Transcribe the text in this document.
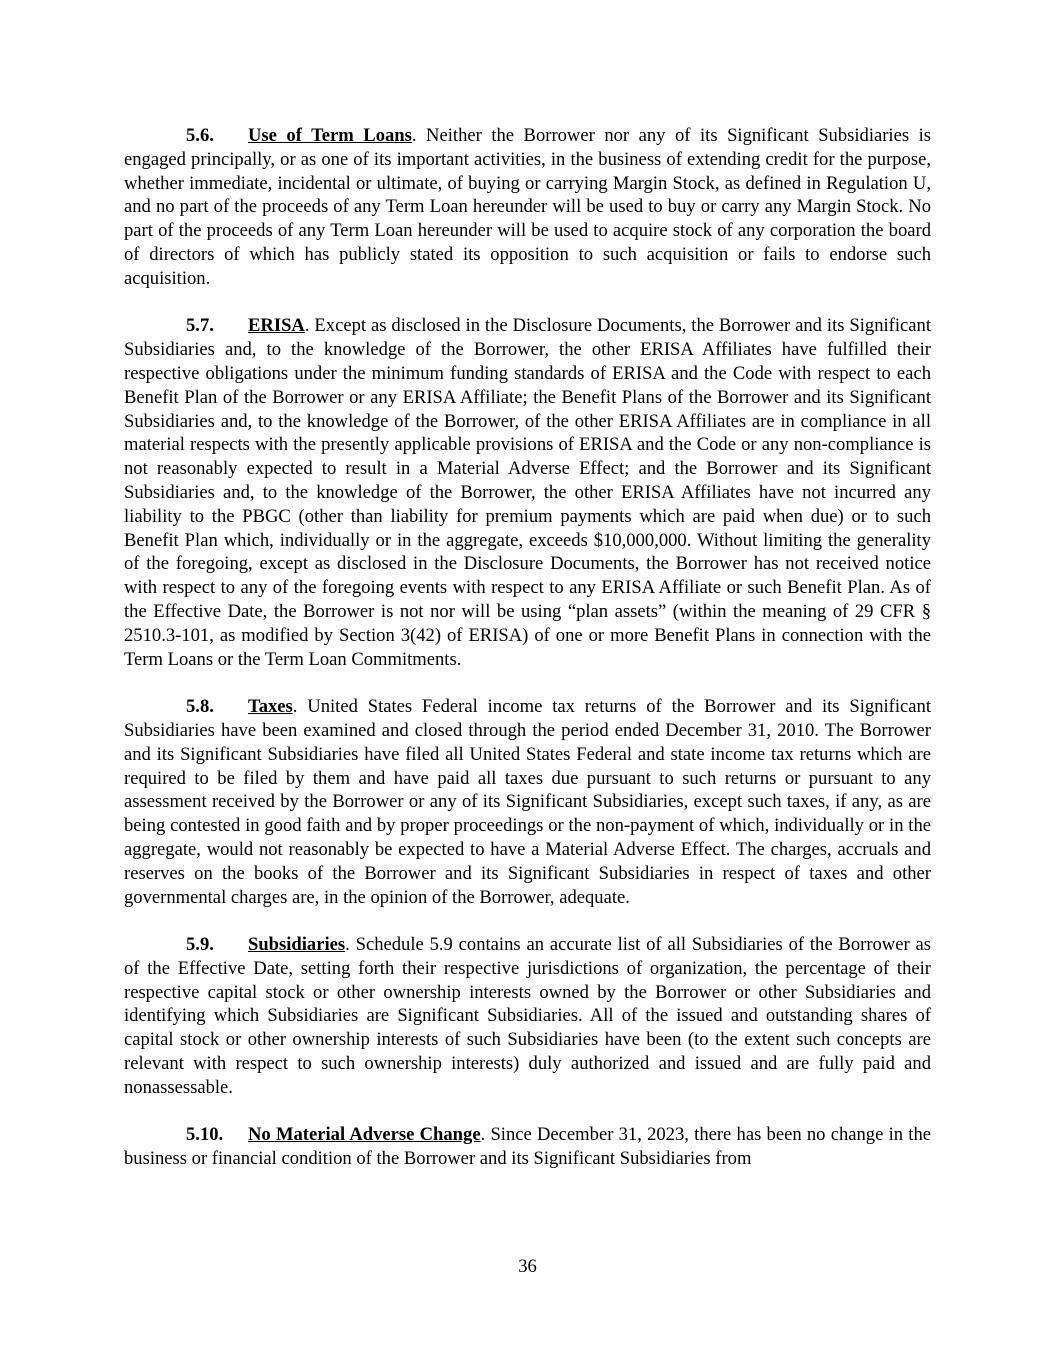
5.6. Use of Term Loans. Neither the Borrower nor any of its Significant Subsidiaries is engaged principally, or as one of its important activities, in the business of extending credit for the purpose, whether immediate, incidental or ultimate, of buying or carrying Margin Stock, as defined in Regulation U, and no part of the proceeds of any Term Loan hereunder will be used to buy or carry any Margin Stock. No part of the proceeds of any Term Loan hereunder will be used to acquire stock of any corporation the board of directors of which has publicly stated its opposition to such acquisition or fails to endorse such acquisition.

5.7. ERISA. Except as disclosed in the Disclosure Documents, the Borrower and its Significant Subsidiaries and, to the knowledge of the Borrower, the other ERISA Affiliates have fulfilled their respective obligations under the minimum funding standards of ERISA and the Code with respect to each Benefit Plan of the Borrower or any ERISA Affiliate; the Benefit Plans of the Borrower and its Significant Subsidiaries and, to the knowledge of the Borrower, of the other ERISA Affiliates are in compliance in all material respects with the presently applicable provisions of ERISA and the Code or any non-compliance is not reasonably expected to result in a Material Adverse Effect; and the Borrower and its Significant Subsidiaries and, to the knowledge of the Borrower, the other ERISA Affiliates have not incurred any liability to the PBGC (other than liability for premium payments which are paid when due) or to such Benefit Plan which, individually or in the aggregate, exceeds $10,000,000. Without limiting the generality of the foregoing, except as disclosed in the Disclosure Documents, the Borrower has not received notice with respect to any of the foregoing events with respect to any ERISA Affiliate or such Benefit Plan. As of the Effective Date, the Borrower is not nor will be using “plan assets” (within the meaning of 29 CFR § 2510.3-101, as modified by Section 3(42) of ERISA) of one or more Benefit Plans in connection with the Term Loans or the Term Loan Commitments.

5.8. Taxes. United States Federal income tax returns of the Borrower and its Significant Subsidiaries have been examined and closed through the period ended December 31, 2010. The Borrower and its Significant Subsidiaries have filed all United States Federal and state income tax returns which are required to be filed by them and have paid all taxes due pursuant to such returns or pursuant to any assessment received by the Borrower or any of its Significant Subsidiaries, except such taxes, if any, as are being contested in good faith and by proper proceedings or the non-payment of which, individually or in the aggregate, would not reasonably be expected to have a Material Adverse Effect. The charges, accruals and reserves on the books of the Borrower and its Significant Subsidiaries in respect of taxes and other governmental charges are, in the opinion of the Borrower, adequate.

5.9. Subsidiaries. Schedule 5.9 contains an accurate list of all Subsidiaries of the Borrower as of the Effective Date, setting forth their respective jurisdictions of organization, the percentage of their respective capital stock or other ownership interests owned by the Borrower or other Subsidiaries and identifying which Subsidiaries are Significant Subsidiaries. All of the issued and outstanding shares of capital stock or other ownership interests of such Subsidiaries have been (to the extent such concepts are relevant with respect to such ownership interests) duly authorized and issued and are fully paid and nonassessable.

5.10. No Material Adverse Change. Since December 31, 2023, there has been no change in the business or financial condition of the Borrower and its Significant Subsidiaries from

36
